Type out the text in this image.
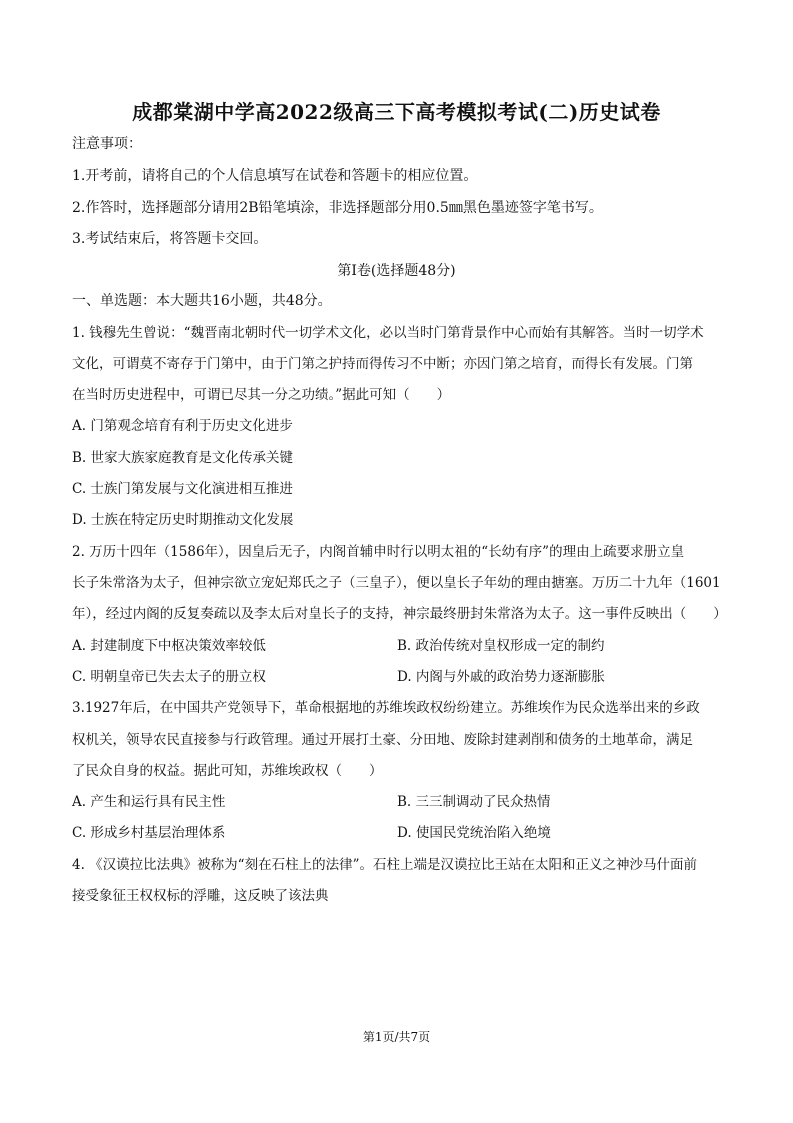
成都棠湖中学高2022级高三下高考模拟考试(二)历史试卷
注意事项：
1.开考前，请将自己的个人信息填写在试卷和答题卡的相应位置。
2.作答时，选择题部分请用2B铅笔填涂，非选择题部分用0.5㎜黑色墨迹签字笔书写。
3.考试结束后，将答题卡交回。
第Ⅰ卷(选择题48分)
一、单选题：本大题共16小题，共48分。
1. 钱穆先生曾说：“魏晋南北朝时代一切学术文化，必以当时门第背景作中心而始有其解答。当时一切学术
文化，可谓莫不寄存于门第中，由于门第之护持而得传习不中断；亦因门第之培育，而得长有发展。门第
在当时历史进程中，可谓已尽其一分之功绩。”据此可知（　　）
A. 门第观念培育有利于历史文化进步
B. 世家大族家庭教育是文化传承关键
C. 士族门第发展与文化演进相互推进
D. 士族在特定历史时期推动文化发展
2. 万历十四年（1586年），因皇后无子，内阁首辅申时行以明太祖的“长幼有序”的理由上疏要求册立皇
长子朱常洛为太子，但神宗欲立宠妃郑氏之子（三皇子），便以皇长子年幼的理由搪塞。万历二十九年（1601
年），经过内阁的反复奏疏以及李太后对皇长子的支持，神宗最终册封朱常洛为太子。这一事件反映出（　　）
A. 封建制度下中枢决策效率较低	B. 政治传统对皇权形成一定的制约
C. 明朝皇帝已失去太子的册立权	D. 内阁与外戚的政治势力逐渐膨胀
3.1927年后，在中国共产党领导下，革命根据地的苏维埃政权纷纷建立。苏维埃作为民众选举出来的乡政
权机关，领导农民直接参与行政管理。通过开展打土豪、分田地、废除封建剥削和债务的土地革命，满足
了民众自身的权益。据此可知，苏维埃政权（　　）
A. 产生和运行具有民主性	B. 三三制调动了民众热情
C. 形成乡村基层治理体系	D. 使国民党统治陷入绝境
4. 《汉谟拉比法典》被称为“刻在石柱上的法律”。石柱上端是汉谟拉比王站在太阳和正义之神沙马什面前
接受象征王权权标的浮雕，这反映了该法典
第1页/共7页
